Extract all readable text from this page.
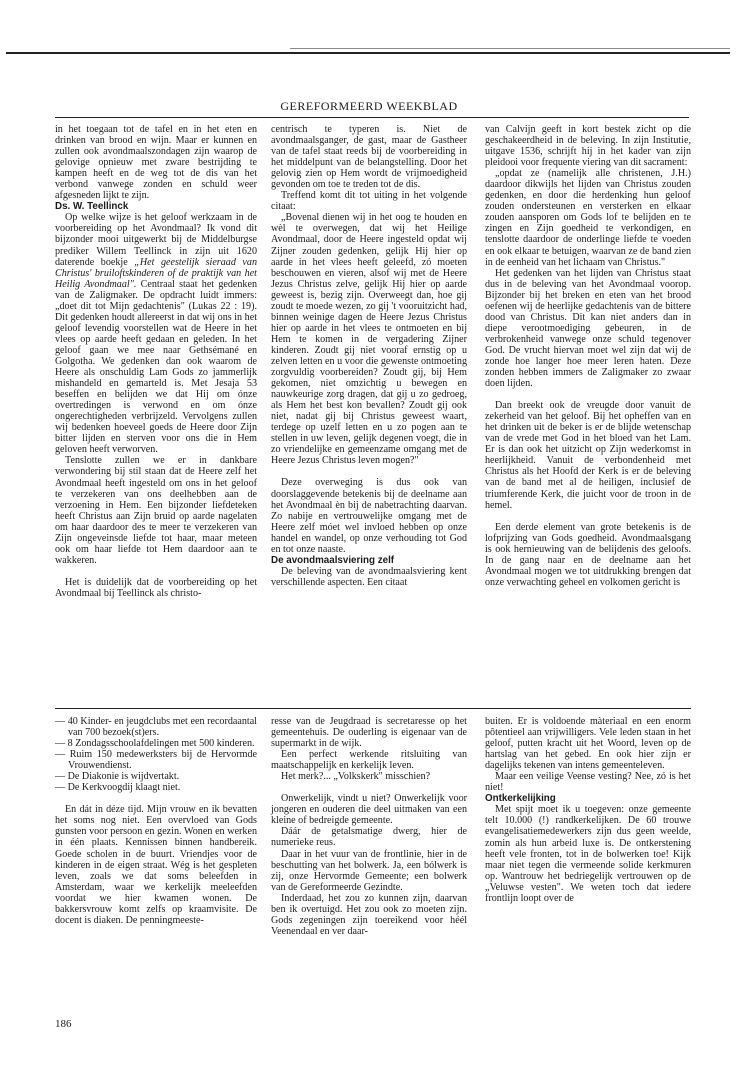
GEREFORMEERD WEEKBLAD

in het toegaan tot de tafel en in het eten en drinken van brood en wijn. Maar er kunnen en zullen ook avondmaalszondagen zijn waarop de gelovige opnieuw met zware bestrijding te kampen heeft en de weg tot de dis van het verbond vanwege zonden en schuld weer afgesneden lijkt te zijn.

Ds. W. Teellinck

Op welke wijze is het geloof werkzaam in de voorbereiding op het Avondmaal? Ik vond dit bijzonder mooi uitgewerkt bij de Middelburgse prediker Willem Teellinck in zijn uit 1620 daterende boekje „Het geestelijk sieraad van Christus' bruiloftskinderen of de praktijk van het Heilig Avondmaal". Centraal staat het gedenken van de Zaligmaker. De opdracht luidt immers: „doet dit tot Mijn gedachtenis" (Lukas 22 : 19). Dit gedenken houdt allereerst in dat wij ons in het geloof levendig voorstellen wat de Heere in het vlees op aarde heeft gedaan en geleden. In het geloof gaan we mee naar Gethsémané en Golgotha. We gedenken dan ook waarom de Heere als onschuldig Lam Gods zo jammerlijk mishandeld en gemarteld is. Met Jesaja 53 beseffen en belijden we dat Hij om ónze overtredingen is verwond en om ónze ongerechtigheden verbrijzeld. Vervolgens zullen wij bedenken hoeveel goeds de Heere door Zijn bitter lijden en sterven voor ons die in Hem geloven heeft verworven.

Tenslotte zullen we er in dankbare verwondering bij stil staan dat de Heere zelf het Avondmaal heeft ingesteld om ons in het geloof te verzekeren van ons deelhebben aan de verzoening in Hem. Een bijzonder liefdeteken heeft Christus aan Zijn bruid op aarde nagelaten om haar daardoor des te meer te verzekeren van Zijn ongeveinsde liefde tot haar, maar meteen ook om haar liefde tot Hem daardoor aan te wakkeren.

Het is duidelijk dat de voorbereiding op het Avondmaal bij Teellinck als christo-

centrisch te typeren is. Niet de avondmaalsganger, de gast, maar de Gastheer van de tafel staat reeds bij de voorbereiding in het middelpunt van de belangstelling. Door het gelovig zien op Hem wordt de vrijmoedigheid gevonden om toe te treden tot de dis.

Treffend komt dit tot uiting in het volgende citaat:

„Bovenal dienen wij in het oog te houden en wèl te overwegen, dat wij het Heilige Avondmaal, door de Heere ingesteld opdat wij Zijner zouden gedenken, gelijk Hij hier op aarde in het vlees heeft geleefd, zó moeten beschouwen en vieren, alsof wij met de Heere Jezus Christus zelve, gelijk Hij hier op aarde geweest is, bezig zijn. Overweegt dan, hoe gij zoudt te moede wezen, zo gij 't vooruitzicht had, binnen weinige dagen de Heere Jezus Christus hier op aarde in het vlees te ontmoeten en bij Hem te komen in de vergadering Zijner kinderen. Zoudt gij niet vooraf ernstig op u zelven letten en u voor die gewenste ontmoeting zorgvuldig voorbereiden? Zoudt gij, bij Hem gekomen, niet omzichtig u bewegen en nauwkeurige zorg dragen, dat gij u zo gedroeg, als Hem het best kon bevallen? Zoudt gij ook niet, nadat gij bij Christus geweest waart, terdege op uzelf letten en u zo pogen aan te stellen in uw leven, gelijk degenen voegt, die in zo vriendelijke en gemeenzame omgang met de Heere Jezus Christus leven mogen?"

Deze overweging is dus ook van doorslaggevende betekenis bij de deelname aan het Avondmaal èn bij de nabetrachting daarvan. Zo nabije en vertrouwelijke omgang met de Heere zelf móet wel invloed hebben op onze handel en wandel, op onze verhouding tot God en tot onze naaste.

De avondmaalsviering zelf

De beleving van de avondmaalsviering kent verschillende aspecten. Een citaat

van Calvijn geeft in kort bestek zicht op die geschakeerdheid in de beleving. In zijn Institutie, uitgave 1536, schrijft hij in het kader van zijn pleidooi voor frequente viering van dit sacrament:

„opdat ze (namelijk alle christenen, J.H.) daardoor dikwijls het lijden van Christus zouden gedenken, en door die herdenking hun geloof zouden ondersteunen en versterken en elkaar zouden aansporen om Gods lof te belijden en te zingen en Zijn goedheid te verkondigen, en tenslotte daardoor de onderlinge liefde te voeden en ook elkaar te betuigen, waarvan ze de band zien in de eenheid van het lichaam van Christus."

Het gedenken van het lijden van Christus staat dus in de beleving van het Avondmaal voorop. Bijzonder bij het breken en eten van het brood oefenen wij de heerlijke gedachtenis van de bittere dood van Christus. Dit kan niet anders dan in diepe verootmoediging gebeuren, in de verbrokenheid vanwege onze schuld tegenover God. De vrucht hiervan moet wel zijn dat wij de zonde hoe langer hoe meer leren haten. Deze zonden hebben immers de Zaligmaker zo zwaar doen lijden.

Dan breekt ook de vreugde door vanuit de zekerheid van het geloof. Bij het opheffen van en het drinken uit de beker is er de blijde wetenschap van de vrede met God in het bloed van het Lam. Er is dan ook het uitzicht op Zijn wederkomst in heerlijkheid. Vanuit de verbondenheid met Christus als het Hoofd der Kerk is er de beleving van de band met al de heiligen, inclusief de triumferende Kerk, die juicht voor de troon in de hemel.

Een derde element van grote betekenis is de lofprijzing van Gods goedheid. Avondmaalsgang is ook hernieuwing van de belijdenis des geloofs. In de gang naar en de deelname aan het Avondmaal mogen we tot uitdrukking brengen dat onze verwachting geheel en volkomen gericht is

— 40 Kinder- en jeugdclubs met een recordaantal van 700 bezoek(st)ers.

— 8 Zondagsschoolafdelingen met 500 kinderen.

— Ruim 150 medewerksters bij de Hervormde Vrouwendienst.

— De Diakonie is wijdvertakt.

— De Kerkvoogdij klaagt niet.

En dát in déze tijd. Mijn vrouw en ik bevatten het soms nog niet. Een overvloed van Gods gunsten voor persoon en gezin. Wonen en werken in één plaats. Kennissen binnen handbereik. Goede scholen in de buurt. Vriendjes voor de kinderen in de eigen straat. Wég is het gespleten leven, zoals we dat soms beleefden in Amsterdam, waar we kerkelijk meeleefden voordat we hier kwamen wonen. De bakkersvrouw komt zelfs op kraamvisite. De docent is diaken. De penningmeeste-

resse van de Jeugdraad is secretaresse op het gemeentehuis. De ouderling is eigenaar van de supermarkt in de wijk.

Een perfect werkende ritsluiting van maatschappelijk en kerkelijk leven.

Het merk?... „Volkskerk" misschien?

Onwerkelijk, vindt u niet? Onwerkelijk voor jongeren en ouderen die deel uitmaken van een kleine of bedreigde gemeente.

Dáár de getalsmatige dwerg, hier de numerieke reus.

Daar in het vuur van de frontlinie, hier in de beschutting van het bolwerk. Ja, een bólwerk is zij, onze Hervormde Gemeente; een bolwerk van de Gereformeerde Gezindte.

Inderdaad, het zou zo kunnen zijn, daarvan ben ik overtuigd. Het zou ook zo moeten zijn. Gods zegeningen zijn toereikend voor héél Veenendaal en ver daar-

buiten. Er is voldoende màteriaal en een enorm pôtentieel aan vrijwilligers. Vele leden staan in het geloof, putten kracht uit het Woord, leven op de hartslag van het gebed. En ook hier zijn er dagelijks tekenen van intens gemeenteleven.

Maar een veilige Veense vesting? Nee, zó is het niet!

Ontkerkelijking

Met spijt moet ik u toegeven: onze gemeente telt 10.000 (!) randkerkelijken. De 60 trouwe evangelisatiemedewerkers zijn dus geen weelde, zomin als hun arbeid luxe is. De ontkerstening heeft vele fronten, tot in de bolwerken toe! Kijk maar niet tegen die vermeende solide kerkmuren op. Wantrouw het bedriegelijk vertrouwen op de „Veluwse vesten". We weten toch dat iedere frontlijn loopt over de

186
